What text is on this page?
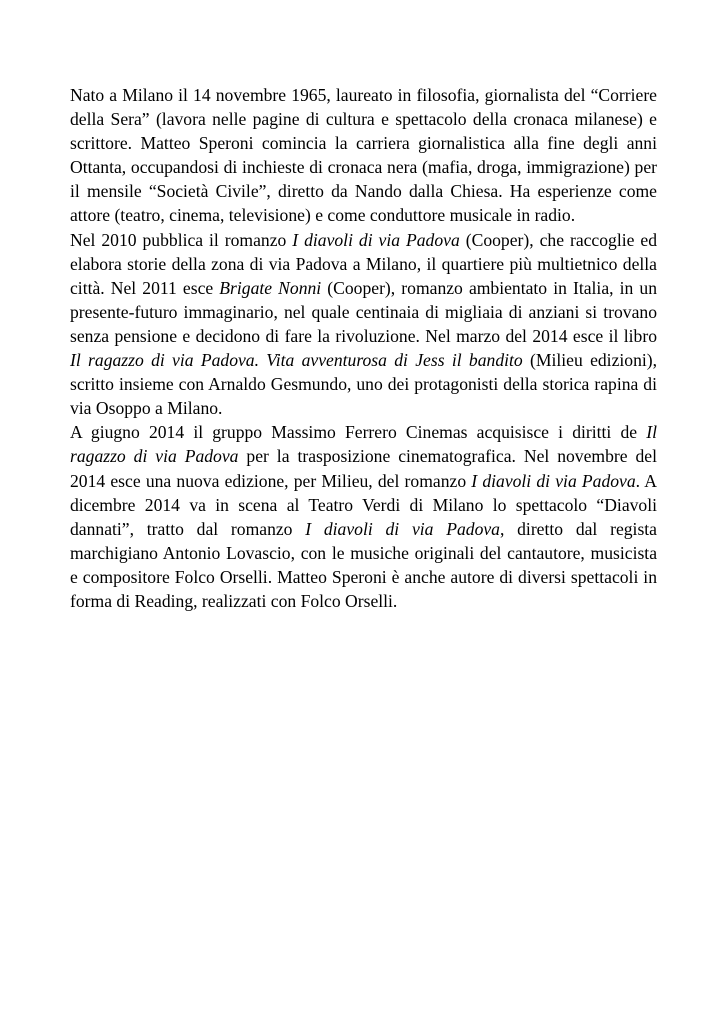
Nato a Milano il 14 novembre 1965, laureato in filosofia, giornalista del “Corriere della Sera” (lavora nelle pagine di cultura e spettacolo della cronaca milanese) e scrittore. Matteo Speroni comincia la carriera giornalistica alla fine degli anni Ottanta, occupandosi di inchieste di cronaca nera (mafia, droga, immigrazione) per il mensile “Società Civile”, diretto da Nando dalla Chiesa. Ha esperienze come attore (teatro, cinema, televisione) e come conduttore musicale in radio.

Nel 2010 pubblica il romanzo I diavoli di via Padova (Cooper), che raccoglie ed elabora storie della zona di via Padova a Milano, il quartiere più multietnico della città. Nel 2011 esce Brigate Nonni (Cooper), romanzo ambientato in Italia, in un presente-futuro immaginario, nel quale centinaia di migliaia di anziani si trovano senza pensione e decidono di fare la rivoluzione. Nel marzo del 2014 esce il libro Il ragazzo di via Padova. Vita avventurosa di Jess il bandito (Milieu edizioni), scritto insieme con Arnaldo Gesmundo, uno dei protagonisti della storica rapina di via Osoppo a Milano.

A giugno 2014 il gruppo Massimo Ferrero Cinemas acquisisce i diritti de Il ragazzo di via Padova per la trasposizione cinematografica. Nel novembre del 2014 esce una nuova edizione, per Milieu, del romanzo I diavoli di via Padova. A dicembre 2014 va in scena al Teatro Verdi di Milano lo spettacolo “Diavoli dannati”, tratto dal romanzo I diavoli di via Padova, diretto dal regista marchigiano Antonio Lovascio, con le musiche originali del cantautore, musicista e compositore Folco Orselli. Matteo Speroni è anche autore di diversi spettacoli in forma di Reading, realizzati con Folco Orselli.
